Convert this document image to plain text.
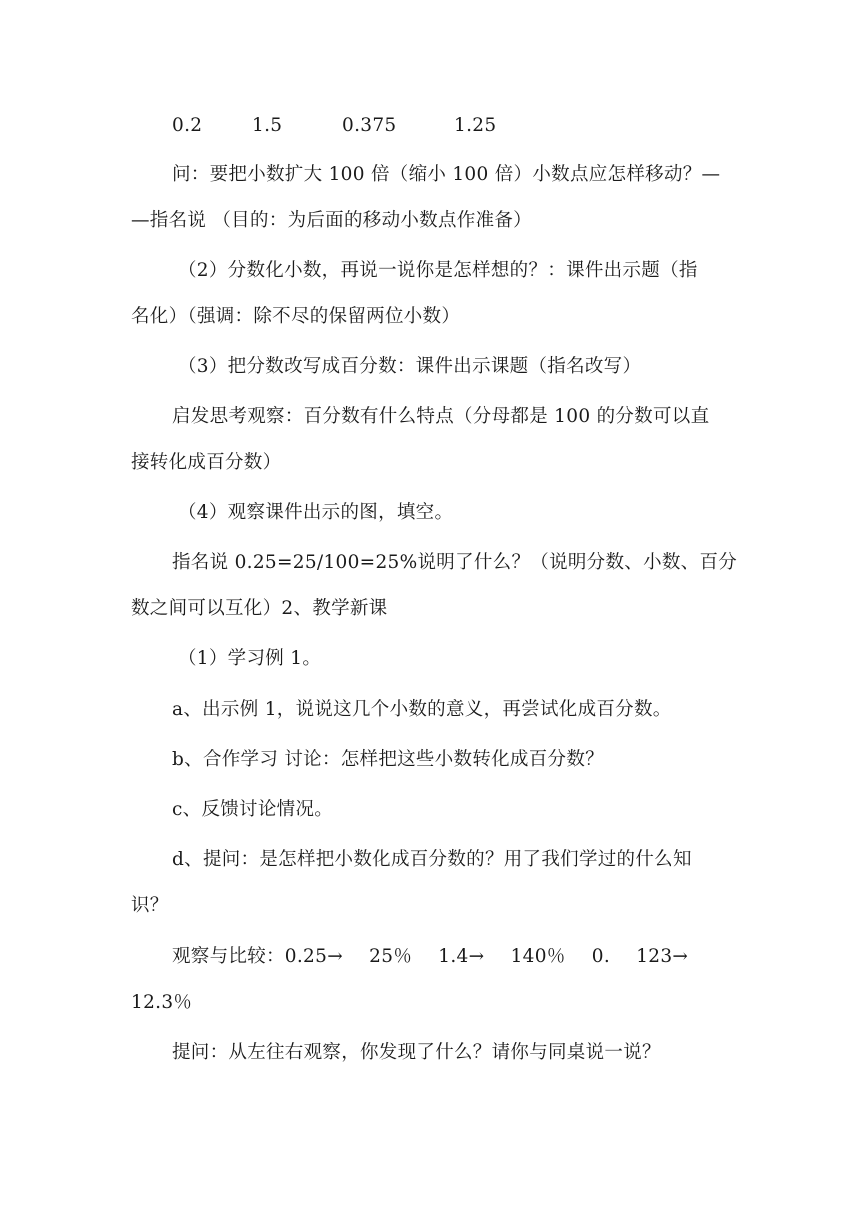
0.2	1.5	0.375	1.25
问：要把小数扩大 100 倍（缩小 100 倍）小数点应怎样移动？—
—指名说 （目的：为后面的移动小数点作准备）
（2）分数化小数，再说一说你是怎样想的？：课件出示题（指
名化）（强调：除不尽的保留两位小数）
（3）把分数改写成百分数：课件出示课题（指名改写）
启发思考观察：百分数有什么特点（分母都是 100 的分数可以直
接转化成百分数）
（4）观察课件出示的图，填空。
指名说 0.25=25/100=25%说明了什么？（说明分数、小数、百分
数之间可以互化）2、教学新课
（1）学习例 1。
a、出示例 1，说说这几个小数的意义，再尝试化成百分数。
b、合作学习 讨论：怎样把这些小数转化成百分数？
c、反馈讨论情况。
d、提问：是怎样把小数化成百分数的？用了我们学过的什么知
识？
观察与比较：0.25→ 25％ 1.4→ 140％ 0. 123→
12.3％
提问：从左往右观察，你发现了什么？请你与同桌说一说？
